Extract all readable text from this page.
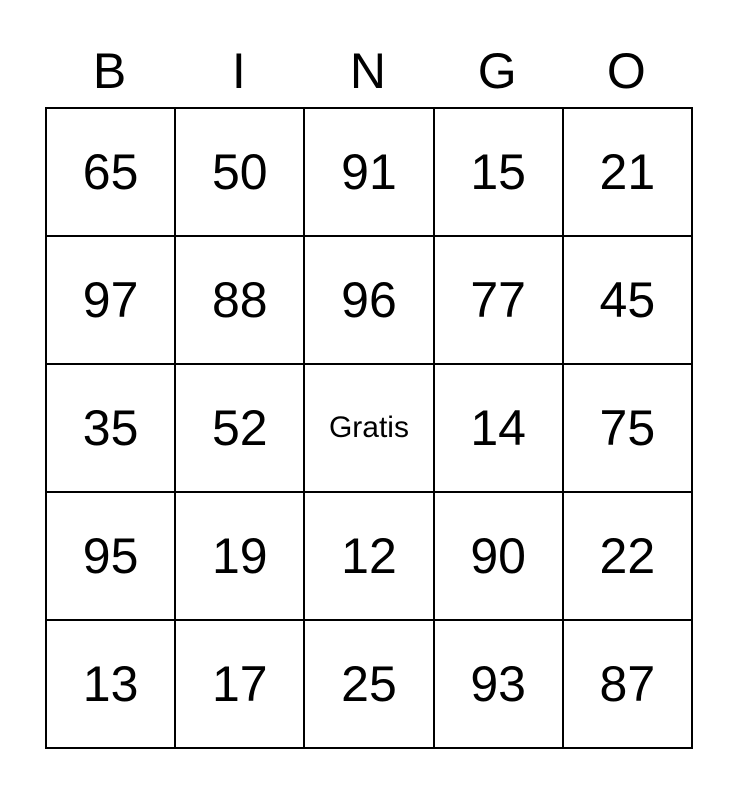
B	I	N	G	O
65	50	91	15	21
97	88	96	77	45
35	52	Gratis	14	75
95	19	12	90	22
13	17	25	93	87
